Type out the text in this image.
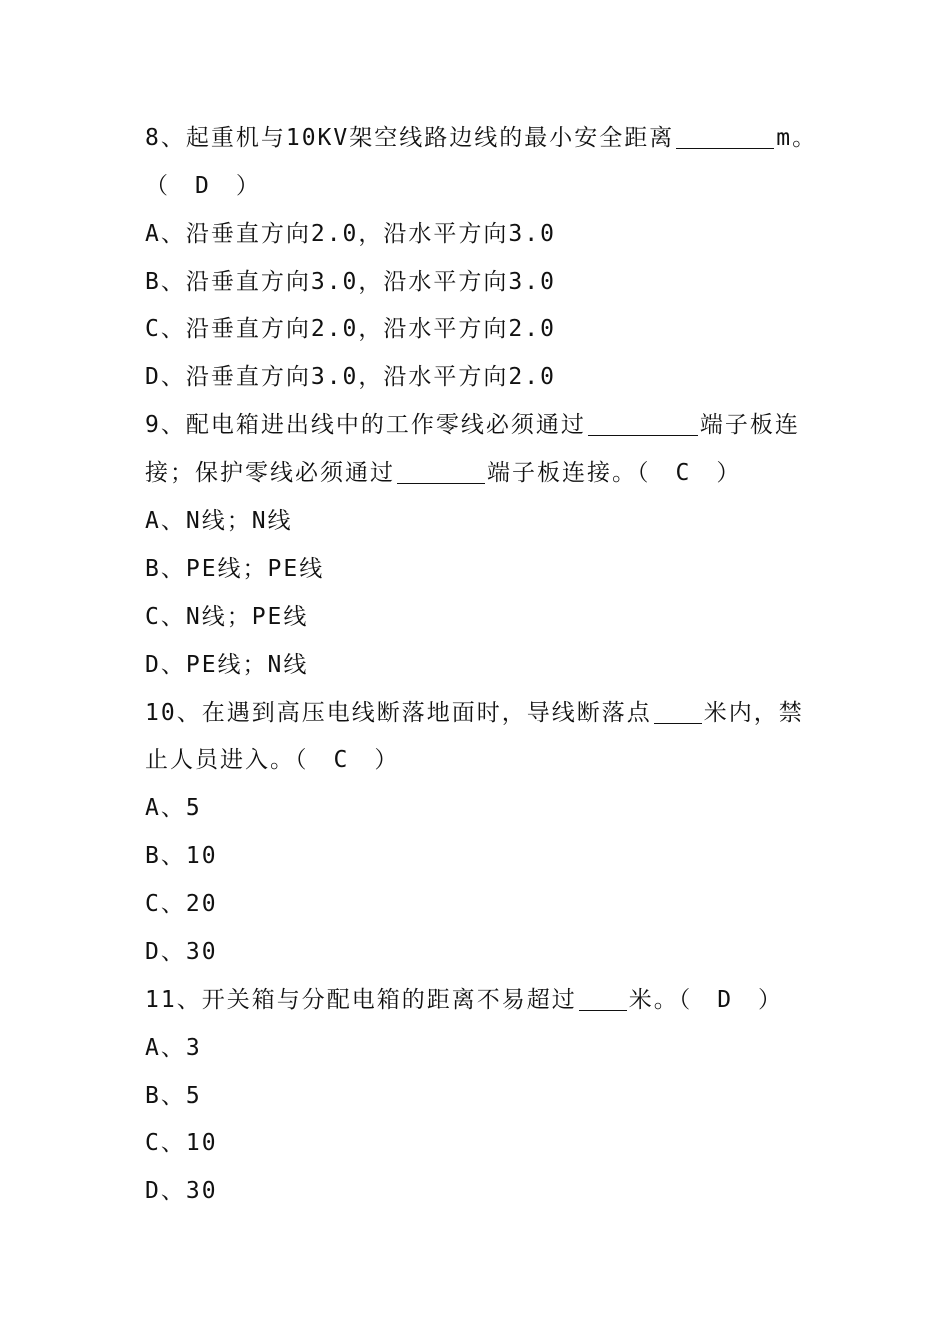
8、起重机与10KV架空线路边线的最小安全距离	m。
（　D　）
A、沿垂直方向2.0，沿水平方向3.0
B、沿垂直方向3.0，沿水平方向3.0
C、沿垂直方向2.0，沿水平方向2.0
D、沿垂直方向3.0，沿水平方向2.0
9、配电箱进出线中的工作零线必须通过	端子板连
接；保护零线必须通过	端子板连接。（　C　）
A、N线；N线
B、PE线；PE线
C、N线；PE线
D、PE线；N线
10、在遇到高压电线断落地面时，导线断落点 米内，禁
止人员进入。（　C　）
A、5
B、10
C、20
D、30
11、开关箱与分配电箱的距离不易超过 米。（　D　）
A、3
B、5
C、10
D、30
